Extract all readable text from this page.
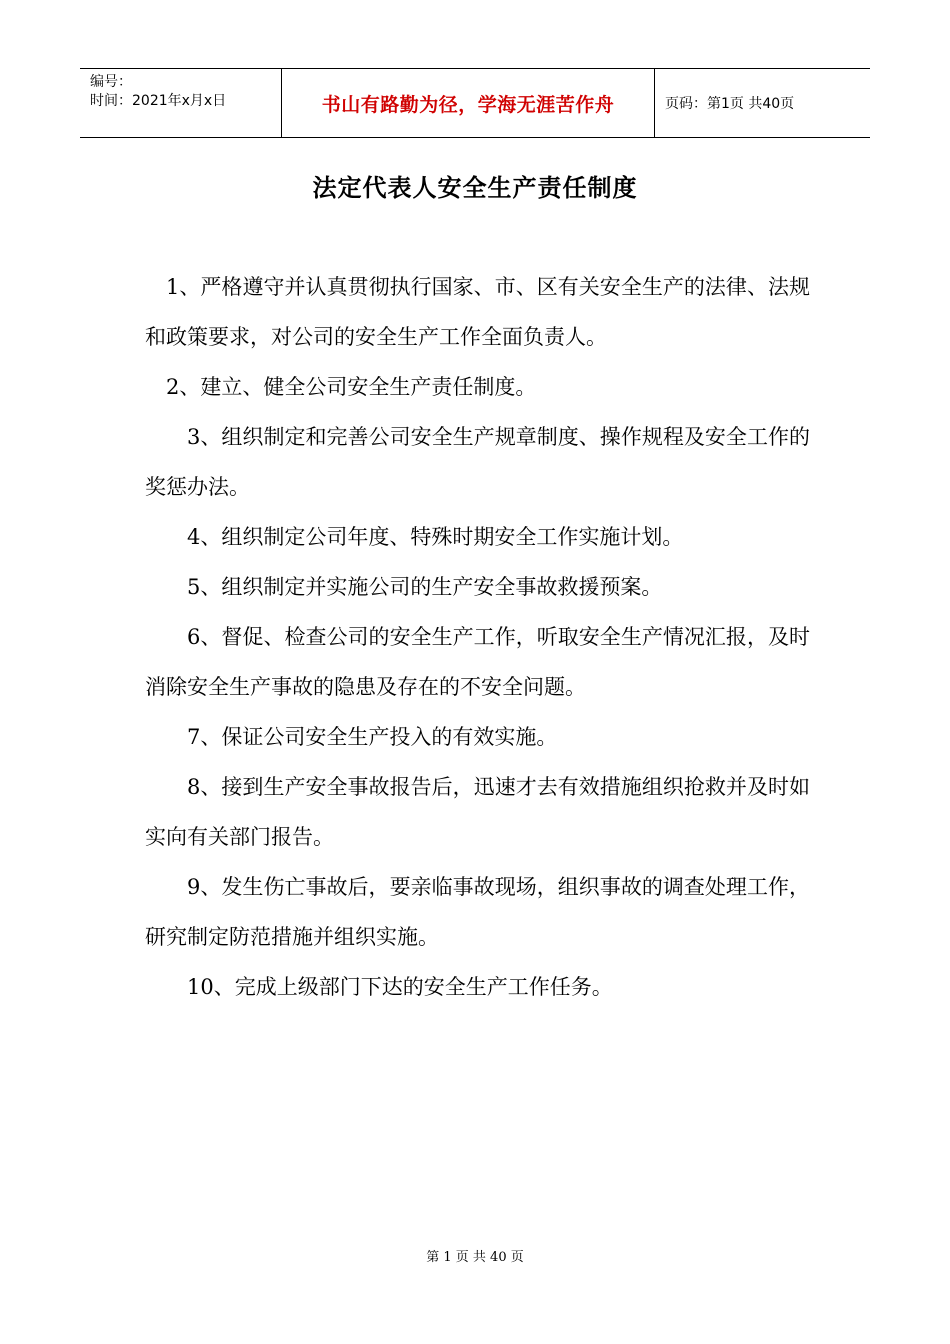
编号：
时间：2021年x月x日	书山有路勤为径，学海无涯苦作舟	页码：第1页 共40页
法定代表人安全生产责任制度

1、严格遵守并认真贯彻执行国家、市、区有关安全生产的法律、法规和政策要求，对公司的安全生产工作全面负责人。

2、建立、健全公司安全生产责任制度。

3、组织制定和完善公司安全生产规章制度、操作规程及安全工作的奖惩办法。

4、组织制定公司年度、特殊时期安全工作实施计划。

5、组织制定并实施公司的生产安全事故救援预案。

6、督促、检查公司的安全生产工作，听取安全生产情况汇报，及时消除安全生产事故的隐患及存在的不安全问题。

7、保证公司安全生产投入的有效实施。

8、接到生产安全事故报告后，迅速才去有效措施组织抢救并及时如实向有关部门报告。

9、发生伤亡事故后，要亲临事故现场，组织事故的调查处理工作，研究制定防范措施并组织实施。

10、完成上级部门下达的安全生产工作任务。

第 1 页 共 40 页
